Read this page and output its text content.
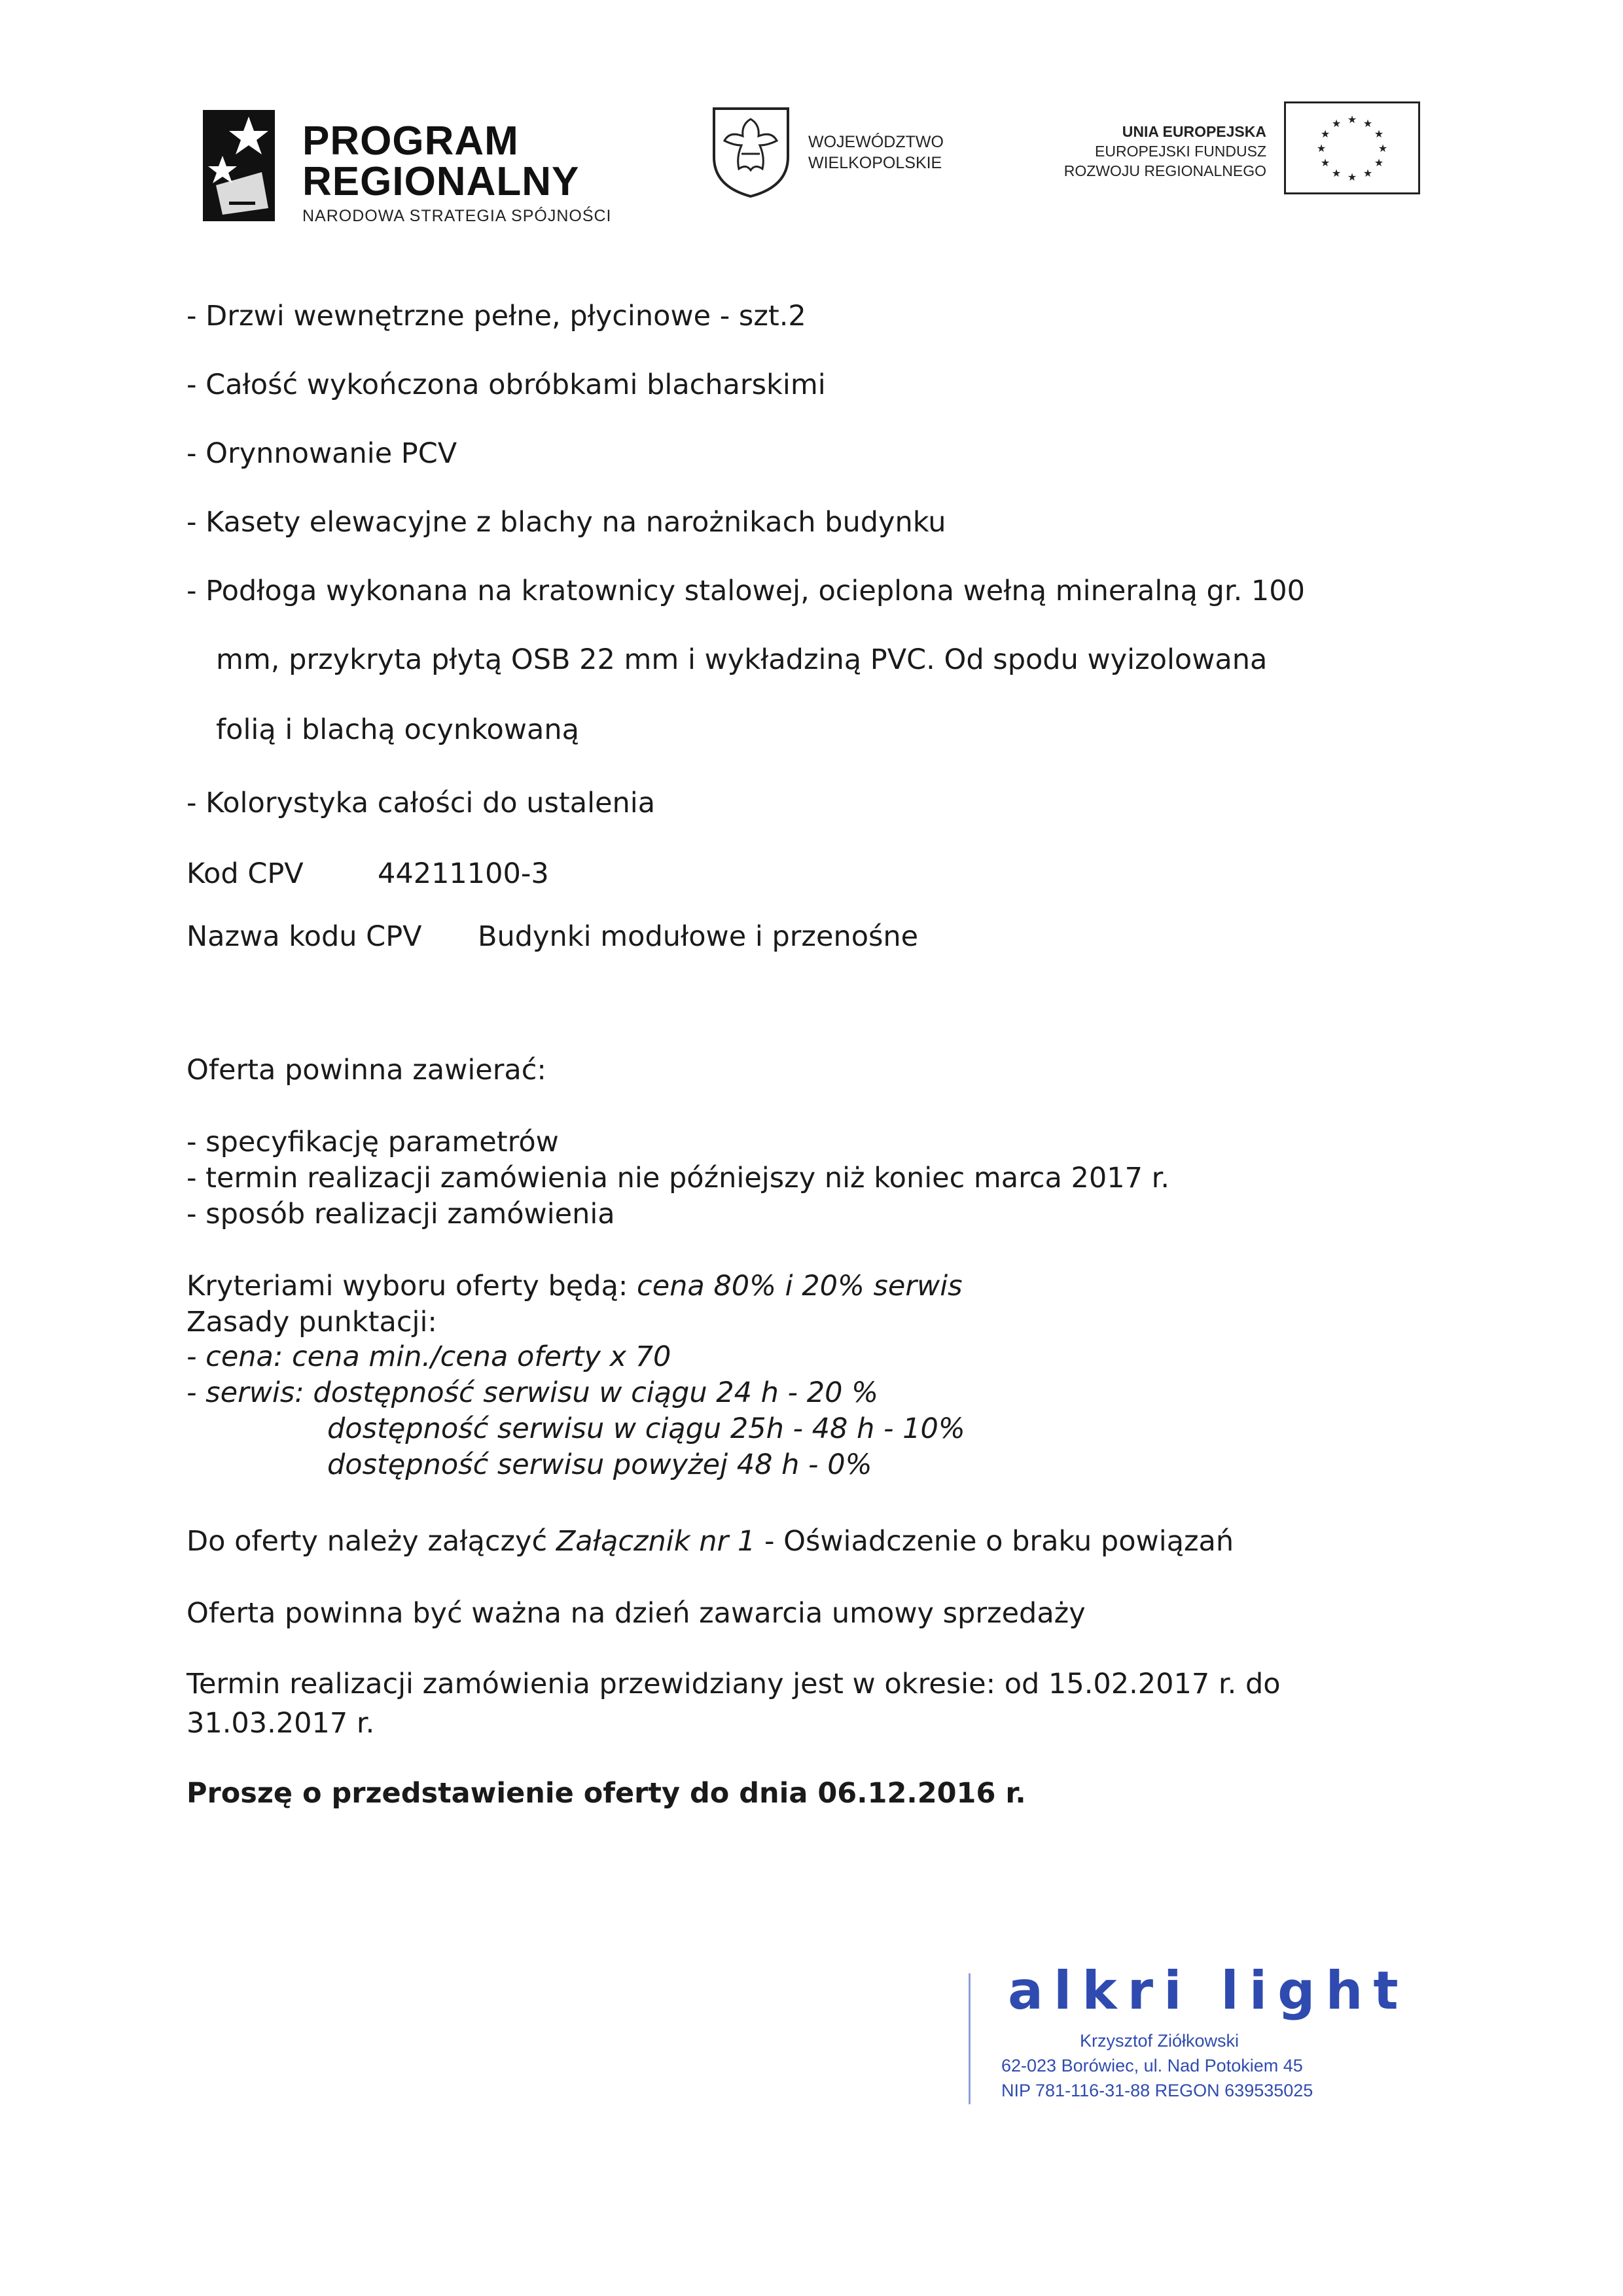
PROGRAM
REGIONALNY
NARODOWA STRATEGIA SPÓJNOŚCI
WOJEWÓDZTWO
WIELKOPOLSKIE
UNIA EUROPEJSKA
EUROPEJSKI FUNDUSZ
ROZWOJU REGIONALNEGO
★ ★
★
★
★
★
★
★
★
★
★
★
- Drzwi wewnętrzne pełne, płycinowe - szt.2
- Całość wykończona obróbkami blacharskimi
- Orynnowanie PCV
- Kasety elewacyjne z blachy na narożnikach budynku
- Podłoga wykonana na kratownicy stalowej, ocieplona wełną mineralną gr. 100
mm, przykryta płytą OSB 22 mm i wykładziną PVC. Od spodu wyizolowana
folią i blachą ocynkowaną
- Kolorystyka całości do ustalenia
Kod CPV	44211100-3
Nazwa kodu CPV Budynki modułowe i przenośne
Oferta powinna zawierać:
- specyfikację parametrów
- termin realizacji zamówienia nie późniejszy niż koniec marca 2017 r.
- sposób realizacji zamówienia
Kryteriami wyboru oferty będą: cena 80% i 20% serwis
Zasady punktacji:
- cena: cena min./cena oferty x 70
- serwis: dostępność serwisu w ciągu 24 h - 20 %
dostępność serwisu w ciągu 25h - 48 h - 10%
dostępność serwisu powyżej 48 h - 0%
Do oferty należy załączyć Załącznik nr 1 - Oświadczenie o braku powiązań
Oferta powinna być ważna na dzień zawarcia umowy sprzedaży
Termin realizacji zamówienia przewidziany jest w okresie: od 15.02.2017 r. do
31.03.2017 r.
Proszę o przedstawienie oferty do dnia 06.12.2016 r.
alkri light
Krzysztof Ziółkowski
62-023 Borówiec, ul. Nad Potokiem 45
NIP 781-116-31-88 REGON 639535025
